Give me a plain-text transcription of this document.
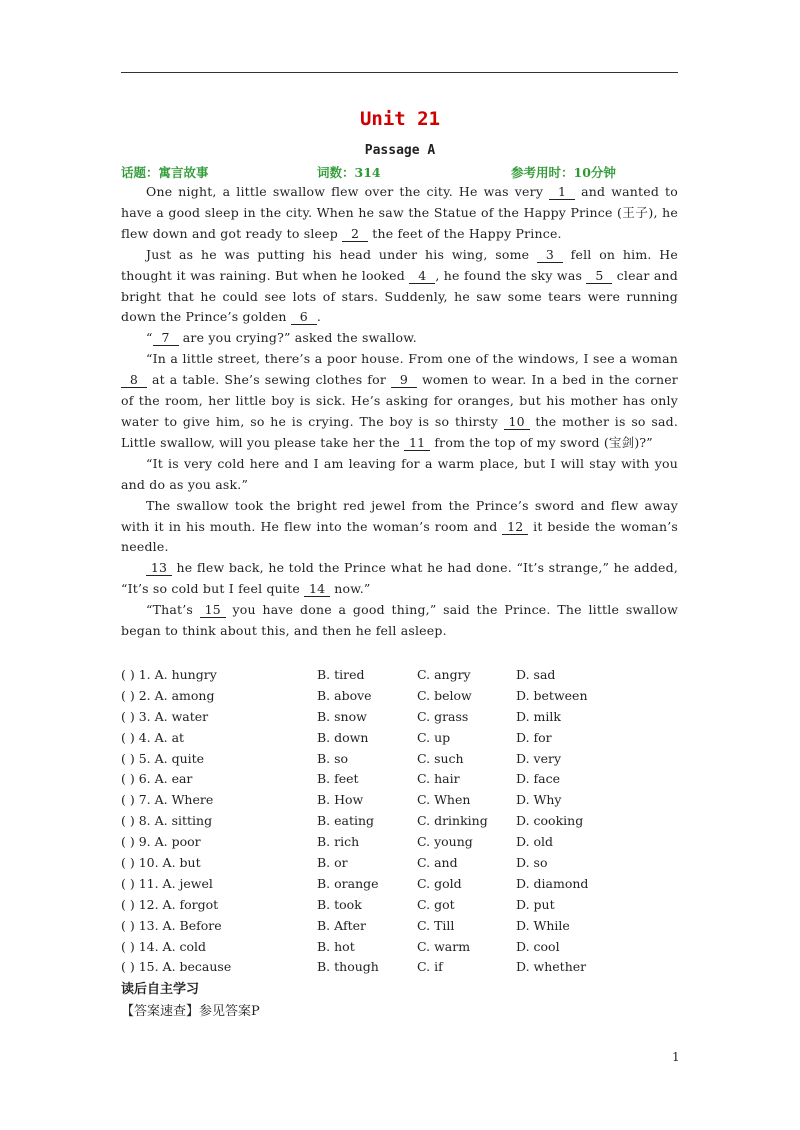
Unit 21
Passage A
话题：寓言故事	词数：314	参考用时：10分钟

One night, a little swallow flew over the city. He was very 1 and wanted to have a good sleep in the city. When he saw the Statue of the Happy Prince (王子), he flew down and got ready to sleep 2 the feet of the Happy Prince.

Just as he was putting his head under his wing, some 3 fell on him. He thought it was raining. But when he looked 4 , he found the sky was 5 clear and bright that he could see lots of stars. Suddenly, he saw some tears were running down the Prince’s golden 6 .

“ 7 are you crying?” asked the swallow.

“In a little street, there’s a poor house. From one of the windows, I see a woman 8 at a table. She’s sewing clothes for 9 women to wear. In a bed in the corner of the room, her little boy is sick. He’s asking for oranges, but his mother has only water to give him, so he is crying. The boy is so thirsty 10 the mother is so sad. Little swallow, will you please take her the 11 from the top of my sword (宝剑)?”

“It is very cold here and I am leaving for a warm place, but I will stay with you and do as you ask.”

The swallow took the bright red jewel from the Prince’s sword and flew away with it in his mouth. He flew into the woman’s room and 12 it beside the woman’s needle.

13 he flew back, he told the Prince what he had done. “It’s strange,” he added, “It’s so cold but I feel quite 14 now.”

“That’s 15 you have done a good thing,” said the Prince. The little swallow began to think about this, and then he fell asleep.

( ) 1. A. hungry	B. tired	C. angry	D. sad
( ) 2. A. among	B. above	C. below	D. between
( ) 3. A. water	B. snow	C. grass	D. milk
( ) 4. A. at	B. down	C. up	D. for
( ) 5. A. quite	B. so	C. such	D. very
( ) 6. A. ear	B. feet	C. hair	D. face
( ) 7. A. Where	B. How	C. When	D. Why
( ) 8. A. sitting	B. eating	C. drinking D. cooking
( ) 9. A. poor	B. rich	C. young	D. old
( ) 10. A. but	B. or	C. and	D. so
( ) 11. A. jewel	B. orange	C. gold	D. diamond
( ) 12. A. forgot	B. took	C. got	D. put
( ) 13. A. Before	B. After	C. Till	D. While
( ) 14. A. cold	B. hot	C. warm	D. cool
( ) 15. A. because	B. though	C. if	D. whether
读后自主学习
【答案速查】参见答案P
1
